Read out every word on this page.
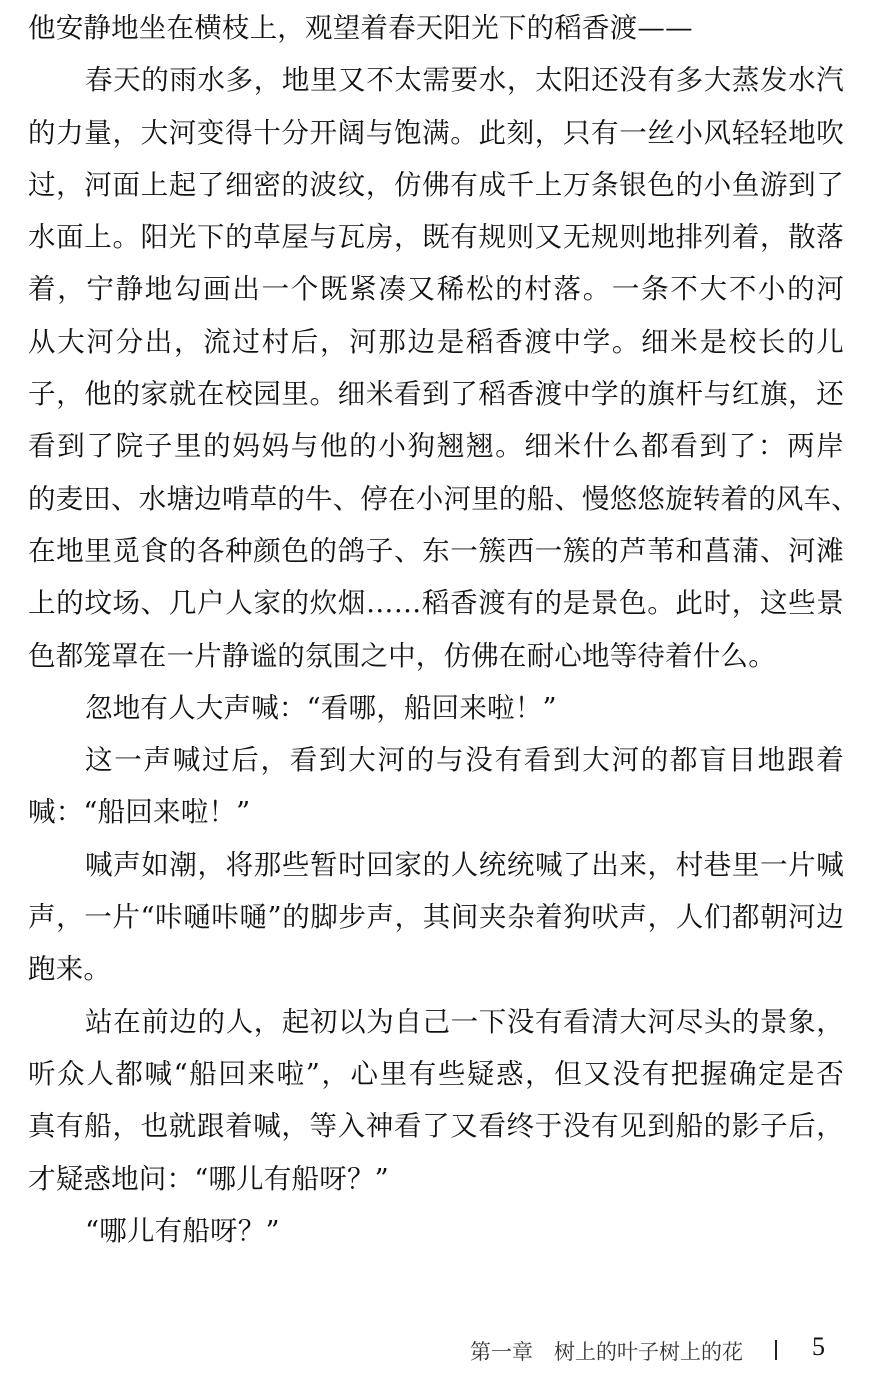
他安静地坐在横枝上，观望着春天阳光下的稻香渡——
春天的雨水多，地里又不太需要水，太阳还没有多大蒸发水汽
的力量，大河变得十分开阔与饱满。此刻，只有一丝小风轻轻地吹
过，河面上起了细密的波纹，仿佛有成千上万条银色的小鱼游到了
水面上。阳光下的草屋与瓦房，既有规则又无规则地排列着，散落
着，宁静地勾画出一个既紧凑又稀松的村落。一条不大不小的河
从大河分出，流过村后，河那边是稻香渡中学。细米是校长的儿
子，他的家就在校园里。细米看到了稻香渡中学的旗杆与红旗，还
看到了院子里的妈妈与他的小狗翘翘。细米什么都看到了：两岸
的麦田、水塘边啃草的牛、停在小河里的船、慢悠悠旋转着的风车、
在地里觅食的各种颜色的鸽子、东一簇西一簇的芦苇和菖蒲、河滩
上的坟场、几户人家的炊烟……稻香渡有的是景色。此时，这些景
色都笼罩在一片静谧的氛围之中，仿佛在耐心地等待着什么。
忽地有人大声喊：“看哪，船回来啦！”
这一声喊过后，看到大河的与没有看到大河的都盲目地跟着
喊：“船回来啦！”
喊声如潮，将那些暂时回家的人统统喊了出来，村巷里一片喊
声，一片“咔嗵咔嗵”的脚步声，其间夹杂着狗吠声，人们都朝河边
跑来。
站在前边的人，起初以为自己一下没有看清大河尽头的景象，
听众人都喊“船回来啦”，心里有些疑惑，但又没有把握确定是否
真有船，也就跟着喊，等入神看了又看终于没有见到船的影子后，
才疑惑地问：“哪儿有船呀？”
“哪儿有船呀？”
第一章　树上的叶子树上的花	5
